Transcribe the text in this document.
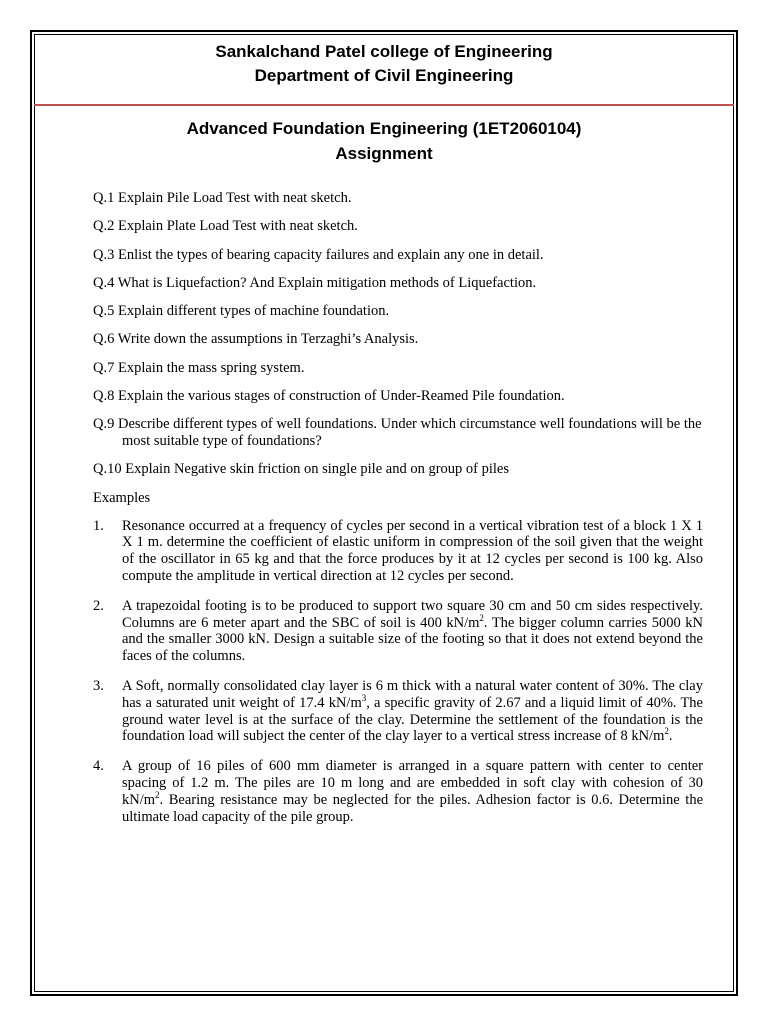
Sankalchand Patel college of Engineering
Department of Civil Engineering
Advanced Foundation Engineering (1ET2060104)
Assignment
Q.1 Explain Pile Load Test with neat sketch.
Q.2 Explain Plate Load Test with neat sketch.
Q.3 Enlist the types of bearing capacity failures and explain any one in detail.
Q.4 What is Liquefaction? And Explain mitigation methods of Liquefaction.
Q.5 Explain different types of machine foundation.
Q.6 Write down the assumptions in Terzaghi’s Analysis.
Q.7 Explain the mass spring system.
Q.8 Explain the various stages of construction of Under-Reamed Pile foundation.
Q.9 Describe different types of well foundations. Under which circumstance well foundations will be the most suitable type of foundations?
Q.10 Explain Negative skin friction on single pile and on group of piles
Examples
1.	Resonance occurred at a frequency of cycles per second in a vertical vibration test of a block 1 X 1 X 1 m. determine the coefficient of elastic uniform in compression of the soil given that the weight of the oscillator in 65 kg and that the force produces by it at 12 cycles per second is 100 kg. Also compute the amplitude in vertical direction at 12 cycles per second.
2.	A trapezoidal footing is to be produced to support two square 30 cm and 50 cm sides respectively. Columns are 6 meter apart and the SBC of soil is 400 $kN/m^2$. The bigger column carries 5000 kN and the smaller 3000 kN. Design a suitable size of the footing so that it does not extend beyond the faces of the columns.
3.	A Soft, normally consolidated clay layer is 6 m thick with a natural water content of 30%. The clay has a saturated unit weight of 17.4 $kN/m^3$, a specific gravity of 2.67 and a liquid limit of 40%. The ground water level is at the surface of the clay. Determine the settlement of the foundation is the foundation load will subject the center of the clay layer to a vertical stress increase of 8 $kN/m^2$.
4.	A group of 16 piles of 600 mm diameter is arranged in a square pattern with center to center spacing of 1.2 m. The piles are 10 m long and are embedded in soft clay with cohesion of 30 $kN/m^2$. Bearing resistance may be neglected for the piles. Adhesion factor is 0.6. Determine the ultimate load capacity of the pile group.
